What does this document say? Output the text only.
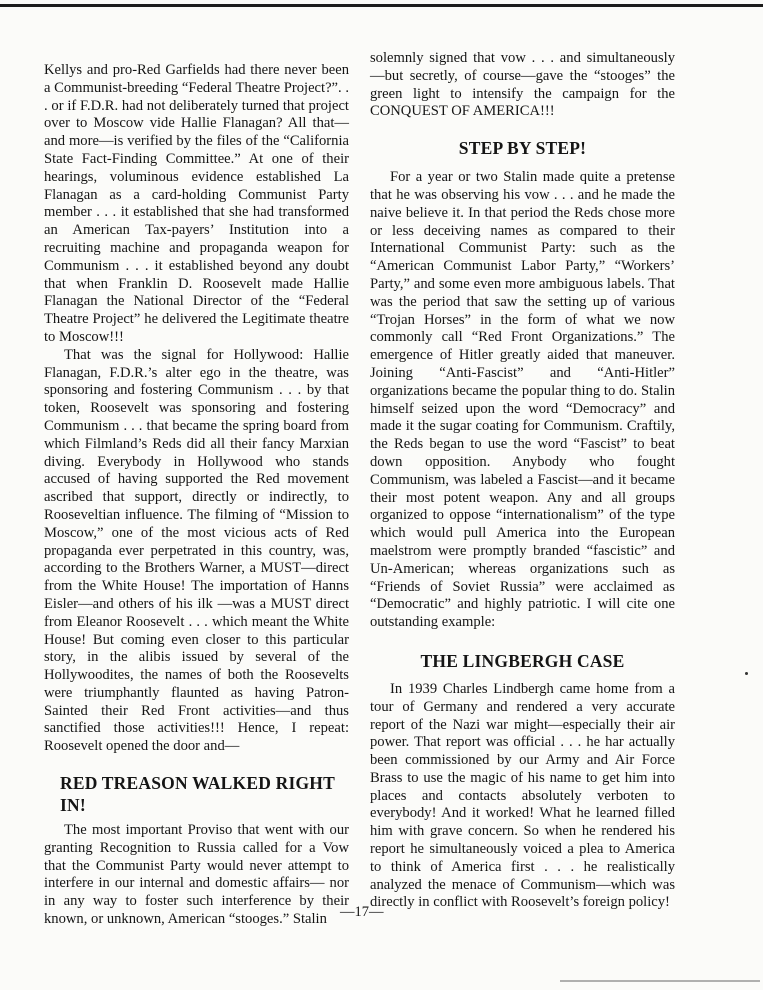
Kellys and pro-Red Garfields had there never been a Communist-breeding “Federal Theatre Project?”. . . or if F.D.R. had not deliberately turned that project over to Moscow vide Hallie Flanagan? All that—and more—is verified by the files of the “California State Fact-Finding Committee.” At one of their hearings, voluminous evidence established La Flanagan as a card-holding Communist Party member . . . it established that she had transformed an American Tax-payers’ Institution into a recruiting machine and propaganda weapon for Communism . . . it established beyond any doubt that when Franklin D. Roosevelt made Hallie Flanagan the National Director of the “Federal Theatre Project” he delivered the Legitimate theatre to Moscow!!!

That was the signal for Hollywood: Hallie Flanagan, F.D.R.’s alter ego in the theatre, was sponsoring and fostering Communism . . . by that token, Roosevelt was sponsoring and fostering Communism . . . that became the spring board from which Filmland’s Reds did all their fancy Marxian diving. Everybody in Hollywood who stands accused of having supported the Red movement ascribed that support, directly or indirectly, to Rooseveltian influence. The filming of “Mission to Moscow,” one of the most vicious acts of Red propaganda ever perpetrated in this country, was, according to the Brothers Warner, a MUST—direct from the White House! The importation of Hanns Eisler—and others of his ilk —was a MUST direct from Eleanor Roosevelt . . . which meant the White House! But coming even closer to this particular story, in the alibis issued by several of the Hollywoodites, the names of both the Roosevelts were triumphantly flaunted as having Patron-Sainted their Red Front activities—and thus sanctified those activities!!! Hence, I repeat: Roosevelt opened the door and—

RED TREASON WALKED RIGHT IN!

The most important Proviso that went with our granting Recognition to Russia called for a Vow that the Communist Party would never attempt to interfere in our internal and domestic affairs— nor in any way to foster such interference by their known, or unknown, American “stooges.” Stalin

solemnly signed that vow . . . and simultaneously —but secretly, of course—gave the “stooges” the green light to intensify the campaign for the CONQUEST OF AMERICA!!!

STEP BY STEP!

For a year or two Stalin made quite a pretense that he was observing his vow . . . and he made the naive believe it. In that period the Reds chose more or less deceiving names as compared to their International Communist Party: such as the “American Communist Labor Party,” “Workers’ Party,” and some even more ambiguous labels. That was the period that saw the setting up of various “Trojan Horses” in the form of what we now commonly call “Red Front Organizations.” The emergence of Hitler greatly aided that maneuver. Joining “Anti-Fascist” and “Anti-Hitler” organizations became the popular thing to do. Stalin himself seized upon the word “Democracy” and made it the sugar coating for Communism. Craftily, the Reds began to use the word “Fascist” to beat down opposition. Anybody who fought Communism, was labeled a Fascist—and it became their most potent weapon. Any and all groups organized to oppose “internationalism” of the type which would pull America into the European maelstrom were promptly branded “fascistic” and Un-American; whereas organizations such as “Friends of Soviet Russia” were acclaimed as “Democratic” and highly patriotic. I will cite one outstanding example:

THE LINGBERGH CASE

In 1939 Charles Lindbergh came home from a tour of Germany and rendered a very accurate report of the Nazi war might—especially their air power. That report was official . . . he har actually been commissioned by our Army and Air Force Brass to use the magic of his name to get him into places and contacts absolutely verboten to everybody! And it worked! What he learned filled him with grave concern. So when he rendered his report he simultaneously voiced a plea to America to think of America first . . . he realistically analyzed the menace of Communism—which was directly in conflict with Roosevelt’s foreign policy!

—17—
